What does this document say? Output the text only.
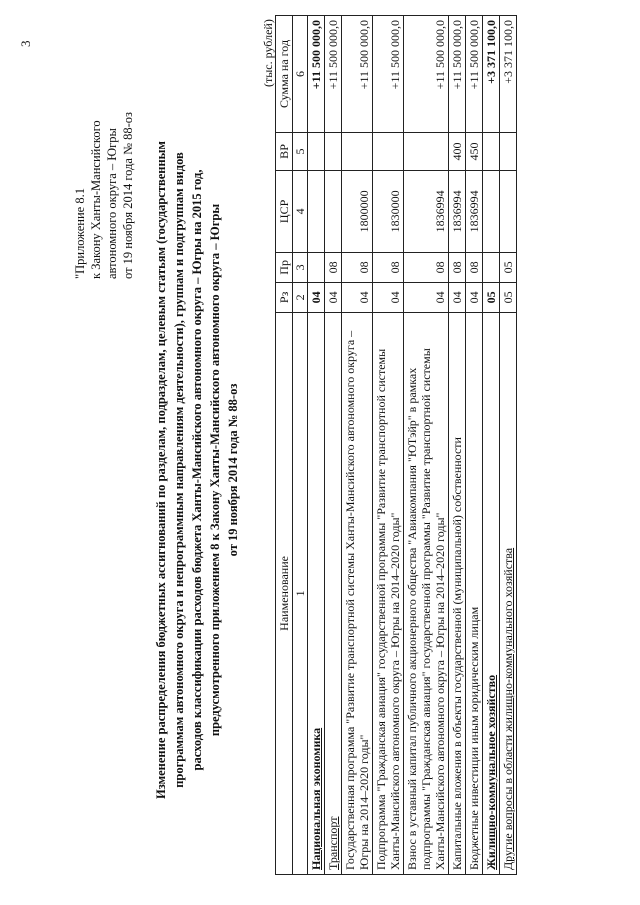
3
"Приложение 8.1 к Закону Ханты-Мансийского автономного округа – Югры от 19 ноября 2014 года № 88-оз Изменение распределения бюджетных ассигнований по разделам, подразделам, целевым статьям (государственным программам автономного округа и непрограммным направлениям деятельности), группам и подгруппам видов расходов классификации расходов бюджета Ханты-Мансийского автономного округа – Югры на 2015 год, предусмотренного приложением 8 к Закону Ханты-Мансийского автономного округа – Югры от 19 ноября 2014 года № 88-оз
(тыс. рублей)
Наименование	Рз	Пр	ЦСР	ВР	Сумма на год
1	2	3	4	5	6
Национальная экономика	04				+11 500 000,0
Транспорт	04	08			+11 500 000,0
Государственная программа "Развитие транспортной системы Ханты-Мансийского автономного округа – Югры на 2014–2020 годы"	04	08	1800000		+11 500 000,0
Подпрограмма "Гражданская авиация" государственной программы "Развитие транспортной системы Ханты-Мансийского автономного округа – Югры на 2014–2020 годы"	04	08	1830000		+11 500 000,0
Взнос в уставный капитал публичного акционерного общества "Авиакомпания "ЮТэйр" в рамках подпрограммы "Гражданская авиация" государственной программы "Развитие транспортной системы Ханты-Мансийского автономного округа – Югры на 2014–2020 годы"	04	08	1836994		+11 500 000,0
Капитальные вложения в объекты государственной (муниципальной) собственности	04	08	1836994	400	+11 500 000,0
Бюджетные инвестиции иным юридическим лицам	04	08	1836994	450	+11 500 000,0
Жилищно-коммунальное хозяйство	05				+3 371 100,0
Другие вопросы в области жилищно-коммунального хозяйства	05	05			+3 371 100,0
